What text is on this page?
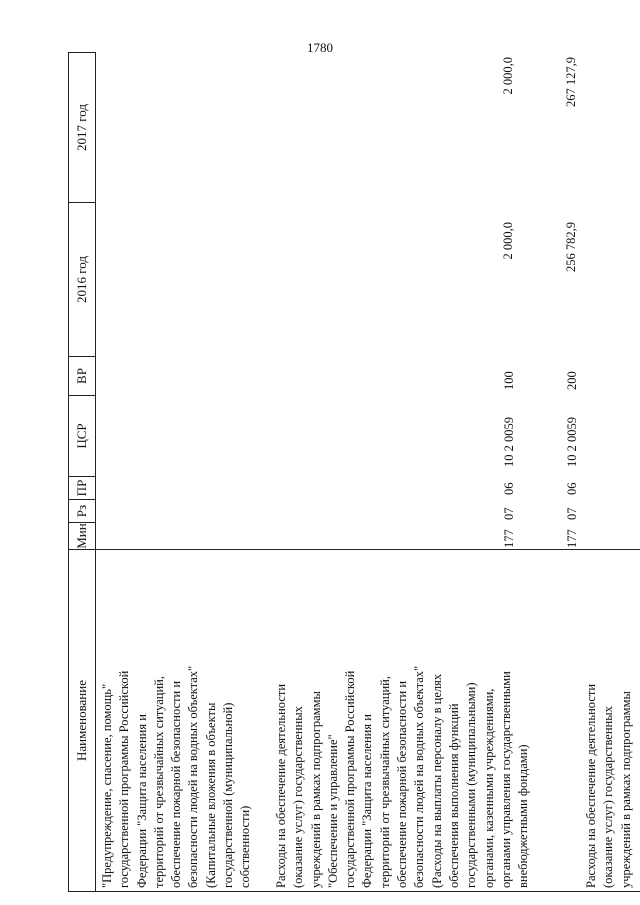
1780
Наименование
Мин
Рз
ПР
ЦСР
ВР
2016 год
2017 год
"Предупреждение, спасение, помощь" государственной программы Российской Федерации "Защита населения и территорий от чрезвычайных ситуаций, обеспечение пожарной безопасности и безопасности людей на водных объектах" (Капитальные вложения в объекты государственной (муниципальной) собственности) Расходы на обеспечение деятельности (оказание услуг) государственных учреждений в рамках подпрограммы "Обеспечение и управление" государственной программы Российской Федерации "Защита населения и территорий от чрезвычайных ситуаций, обеспечение пожарной безопасности и безопасности людей на водных объектах" (Расходы на выплаты персоналу в целях обеспечения выполнения функций государственными (муниципальными) органами, казенными учреждениями, органами управления государственными внебюджетными фондами)
177
07
06
10 2 0059
100
2 000,0
2 000,0
177
07
06
10 2 0059
200
256 782,9
267 127,9
Расходы на обеспечение деятельности (оказание услуг) государственных учреждений в рамках подпрограммы
